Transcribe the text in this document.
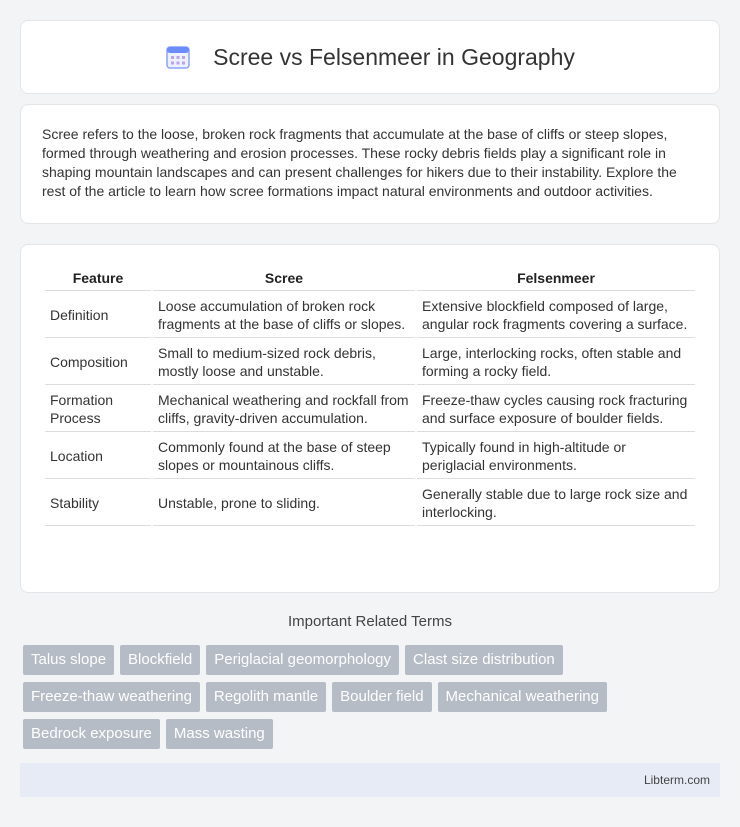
Scree vs Felsenmeer in Geography

Scree refers to the loose, broken rock fragments that accumulate at the base of cliffs or steep slopes, formed through weathering and erosion processes. These rocky debris fields play a significant role in shaping mountain landscapes and can present challenges for hikers due to their instability. Explore the rest of the article to learn how scree formations impact natural environments and outdoor activities.

Feature	Scree	Felsenmeer
Definition	Loose accumulation of broken rock fragments at the base of cliffs or slopes.	Extensive blockfield composed of large, angular rock fragments covering a surface.
Composition	Small to medium-sized rock debris, mostly loose and unstable.	Large, interlocking rocks, often stable and forming a rocky field.
Formation Process	Mechanical weathering and rockfall from cliffs, gravity-driven accumulation.	Freeze-thaw cycles causing rock fracturing and surface exposure of boulder fields.
Location	Commonly found at the base of steep slopes or mountainous cliffs.	Typically found in high-altitude or periglacial environments.
Stability	Unstable, prone to sliding.	Generally stable due to large rock size and interlocking.
Important Related Terms
Talus slope	Blockfield	Periglacial geomorphology	Clast size distribution
Freeze-thaw weathering	Regolith mantle	Boulder field	Mechanical weathering
Bedrock exposure	Mass wasting
Libterm.com
